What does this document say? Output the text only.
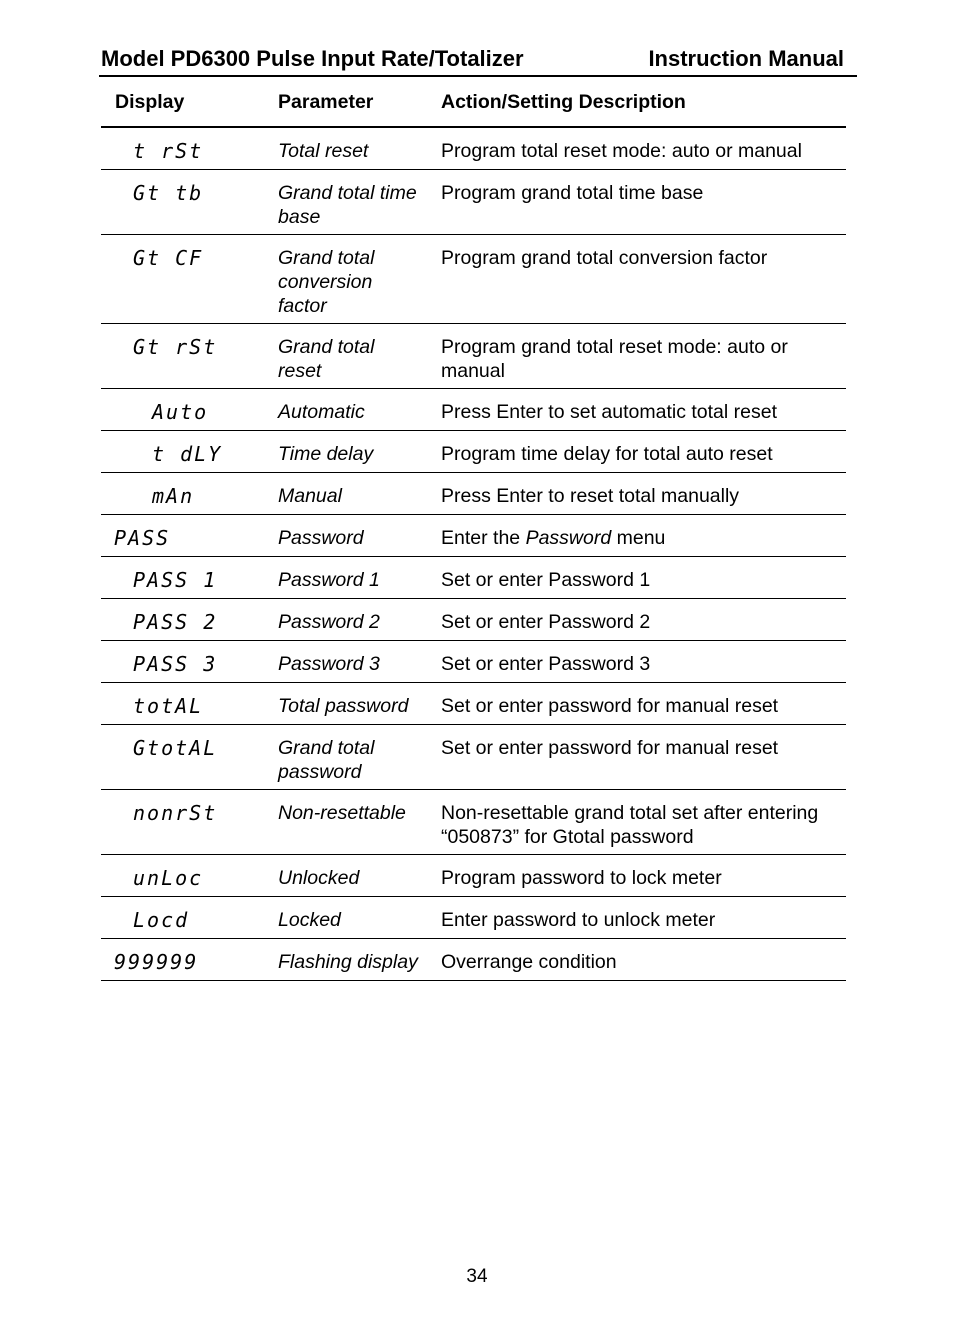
Model PD6300 Pulse Input Rate/Totalizer	Instruction Manual
Display	Parameter	Action/Setting Description
t rSt	Total reset	Program total reset mode: auto or manual
Gt tb	Grand total time base	Program grand total time base
Gt CF	Grand total conversion factor	Program grand total conversion factor
Gt rSt	Grand total reset	Program grand total reset mode: auto or manual
Auto	Automatic	Press Enter to set automatic total reset
t dLY	Time delay	Program time delay for total auto reset
mAn	Manual	Press Enter to reset total manually
PASS	Password	Enter the Password menu
PASS 1	Password 1	Set or enter Password 1
PASS 2	Password 2	Set or enter Password 2
PASS 3	Password 3	Set or enter Password 3
totAL	Total password	Set or enter password for manual reset
GtotAL	Grand total password	Set or enter password for manual reset
nonrSt	Non-resettable	Non-resettable grand total set after entering “050873” for Gtotal password
unLoc	Unlocked	Program password to lock meter
Locd	Locked	Enter password to unlock meter
999999	Flashing display	Overrange condition
34
